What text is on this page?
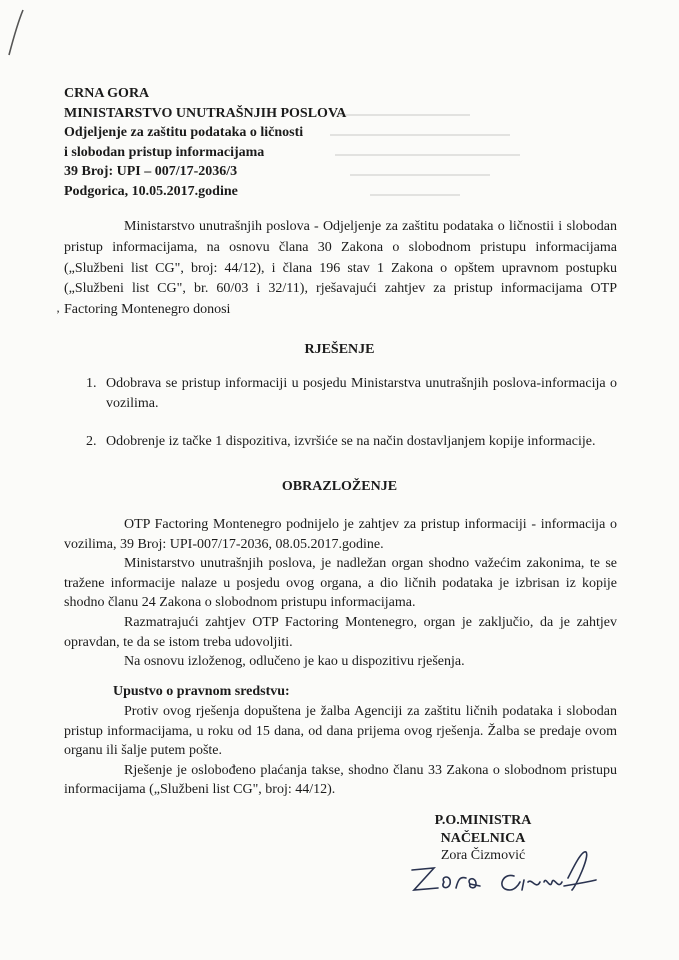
CRNA GORA
MINISTARSTVO UNUTRAŠNJIH POSLOVA
Odjeljenje za zaštitu podataka o ličnosti
i slobodan pristup informacijama
39 Broj: UPI – 007/17-2036/3
Podgorica, 10.05.2017.godine
Ministarstvo unutrašnjih poslova - Odjeljenje za zaštitu podataka o ličnostii i slobodan pristup informacijama, na osnovu člana 30 Zakona o slobodnom pristupu informacijama („Službeni list CG", broj: 44/12), i člana 196 stav 1 Zakona o opštem upravnom postupku („Službeni list CG", br. 60/03 i 32/11), rješavajući zahtjev za pristup informacijama OTP Factoring Montenegro donosi
’
RJEŠENJE
1. Odobrava se pristup informaciji u posjedu Ministarstva unutrašnjih poslova-informacija o vozilima.
2. Odobrenje iz tačke 1 dispozitiva, izvršiće se na način dostavljanjem kopije informacije.
OBRAZLOŽENJE

OTP Factoring Montenegro podnijelo je zahtjev za pristup informaciji - informacija o vozilima, 39 Broj: UPI-007/17-2036, 08.05.2017.godine.

Ministarstvo unutrašnjih poslova, je nadležan organ shodno važećim zakonima, te se tražene informacije nalaze u posjedu ovog organa, a dio ličnih podataka je izbrisan iz kopije shodno članu 24 Zakona o slobodnom pristupu informacijama.

Razmatrajući zahtjev OTP Factoring Montenegro, organ je zaključio, da je zahtjev opravdan, te da se istom treba udovoljiti.

Na osnovu izloženog, odlučeno je kao u dispozitivu rješenja.

Upustvo o pravnom sredstvu:

Protiv ovog rješenja dopuštena je žalba Agenciji za zaštitu ličnih podataka i slobodan pristup informacijama, u roku od 15 dana, od dana prijema ovog rješenja. Žalba se predaje ovom organu ili šalje putem pošte.

Rješenje je oslobođeno plaćanja takse, shodno članu 33 Zakona o slobodnom pristupu informacijama („Službeni list CG", broj: 44/12).

P.O.MINISTRA
NAČELNICA
Zora Čizmović
